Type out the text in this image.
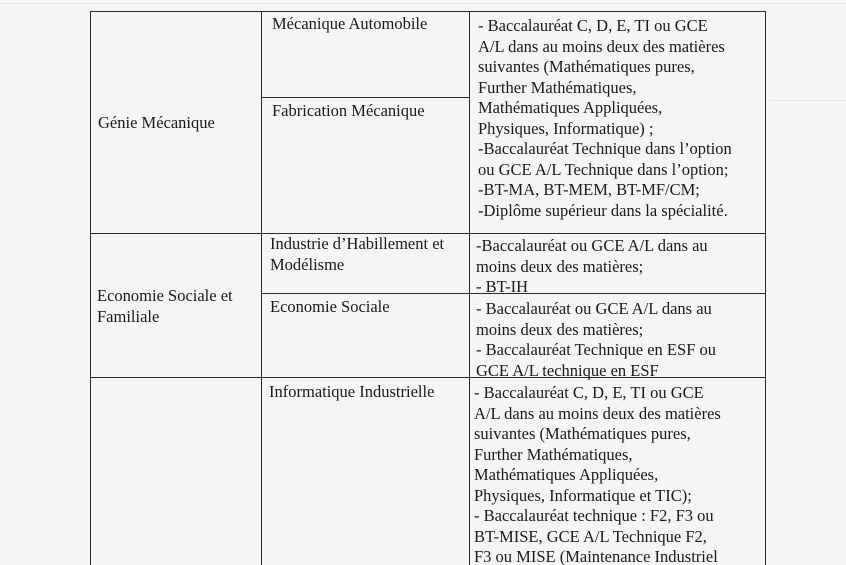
Génie Mécanique
Mécanique Automobile
Fabrication Mécanique
- Baccalauréat C, D, E, TI ou GCE
A/L dans au moins deux des matières
suivantes (Mathématiques pures,
Further Mathématiques,
Mathématiques Appliquées,
Physiques, Informatique) ;
-Baccalauréat Technique dans l’option
ou GCE A/L Technique dans l’option;
-BT-MA, BT-MEM, BT-MF/CM;
-Diplôme supérieur dans la spécialité.
Economie Sociale et
Familiale
Industrie d’Habillement et
Modélisme
-Baccalauréat ou GCE A/L dans au
moins deux des matières;
- BT-IH
Economie Sociale	- Baccalauréat ou GCE A/L dans au
moins deux des matières;
- Baccalauréat Technique en ESF ou
GCE A/L technique en ESF
Informatique Industrielle	- Baccalauréat C, D, E, TI ou GCE
A/L dans au moins deux des matières
suivantes (Mathématiques pures,
Further Mathématiques,
Mathématiques Appliquées,
Physiques, Informatique et TIC);
- Baccalauréat technique : F2, F3 ou
BT-MISE, GCE A/L Technique F2,
F3 ou MISE (Maintenance Industriel
